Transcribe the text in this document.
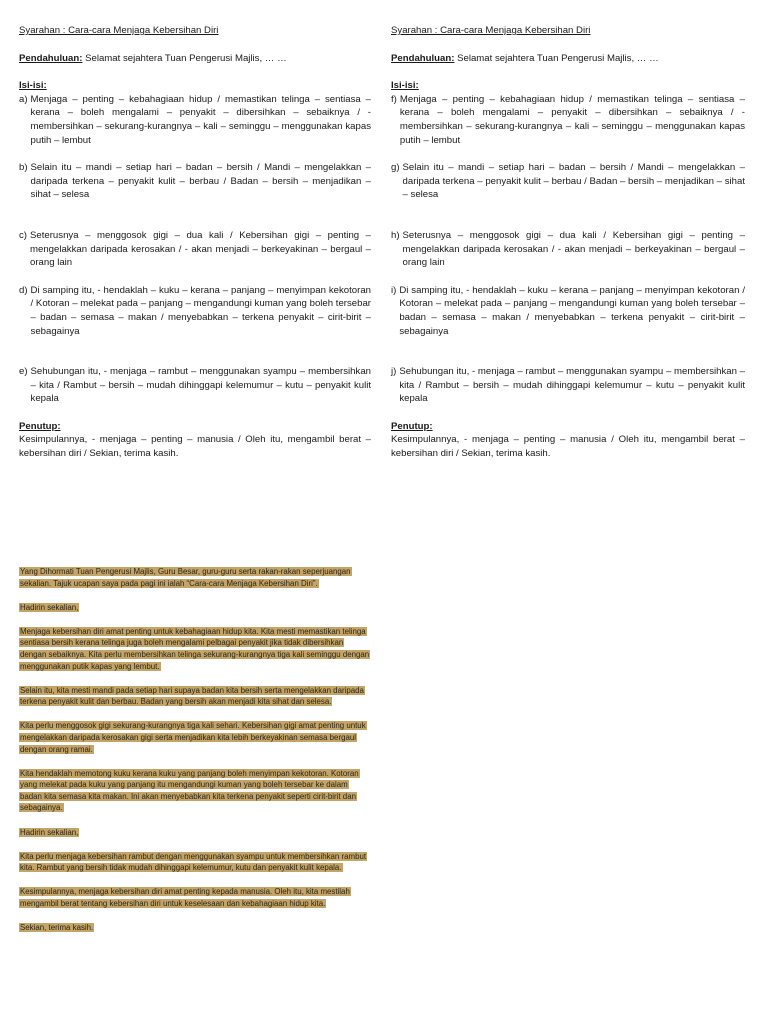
Syarahan : Cara-cara Menjaga Kebersihan Diri
Pendahuluan: Selamat sejahtera Tuan Pengerusi Majlis, … …
Isi-isi:
a) Menjaga – penting – kebahagiaan hidup / memastikan telinga – sentiasa – kerana – boleh mengalami – penyakit – dibersihkan – sebaiknya / - membersihkan – sekurang-kurangnya – kali – seminggu – menggunakan kapas putih – lembut
b) Selain itu – mandi – setiap hari – badan – bersih / Mandi – mengelakkan – daripada terkena – penyakit kulit – berbau / Badan – bersih – menjadikan – sihat – selesa
c) Seterusnya – menggosok gigi – dua kali / Kebersihan gigi – penting – mengelakkan daripada kerosakan / - akan menjadi – berkeyakinan – bergaul – orang lain
d) Di samping itu, - hendaklah – kuku – kerana – panjang – menyimpan kekotoran / Kotoran – melekat pada – panjang – mengandungi kuman yang boleh tersebar – badan – semasa – makan / menyebabkan – terkena penyakit – cirit-birit – sebagainya
e) Sehubungan itu, - menjaga – rambut – menggunakan syampu – membersihkan – kita / Rambut – bersih – mudah dihinggapi kelemumur – kutu – penyakit kulit kepala
Penutup:
Kesimpulannya, - menjaga – penting – manusia / Oleh itu, mengambil berat – kebersihan diri / Sekian, terima kasih.
Syarahan : Cara-cara Menjaga Kebersihan Diri
Pendahuluan: Selamat sejahtera Tuan Pengerusi Majlis, … …
Isi-isi:
f) Menjaga – penting – kebahagiaan hidup / memastikan telinga – sentiasa – kerana – boleh mengalami – penyakit – dibersihkan – sebaiknya / - membersihkan – sekurang-kurangnya – kali – seminggu – menggunakan kapas putih – lembut
g) Selain itu – mandi – setiap hari – badan – bersih / Mandi – mengelakkan – daripada terkena – penyakit kulit – berbau / Badan – bersih – menjadikan – sihat – selesa
h) Seterusnya – menggosok gigi – dua kali / Kebersihan gigi – penting – mengelakkan daripada kerosakan / - akan menjadi – berkeyakinan – bergaul – orang lain
i) Di samping itu, - hendaklah – kuku – kerana – panjang – menyimpan kekotoran / Kotoran – melekat pada – panjang – mengandungi kuman yang boleh tersebar – badan – semasa – makan / menyebabkan – terkena penyakit – cirit-birit – sebagainya
j) Sehubungan itu, - menjaga – rambut – menggunakan syampu – membersihkan – kita / Rambut – bersih – mudah dihinggapi kelemumur – kutu – penyakit kulit kepala
Penutup:
Kesimpulannya, - menjaga – penting – manusia / Oleh itu, mengambil berat – kebersihan diri / Sekian, terima kasih.

Yang Dihormati Tuan Pengerusi Majlis, Guru Besar, guru-guru serta rakan-rakan seperjuangan sekalian. Tajuk ucapan saya pada pagi ini ialah “Cara-cara Menjaga Kebersihan Diri”.

Hadirin sekalian,

Menjaga kebersihan diri amat penting untuk kebahagiaan hidup kita. Kita mesti memastikan telinga sentiasa bersih kerana telinga juga boleh mengalami pelbagai penyakit jika tidak dibersihkan dengan sebaiknya. Kita perlu membersihkan telinga sekurang-kurangnya tiga kali seminggu dengan menggunakan putik kapas yang lembut.

Selain itu, kita mesti mandi pada setiap hari supaya badan kita bersih serta mengelakkan daripada terkena penyakit kulit dan berbau. Badan yang bersih akan menjadi kita sihat dan selesa.

Kita perlu menggosok gigi sekurang-kurangnya tiga kali sehari. Kebersihan gigi amat penting untuk mengelakkan daripada kerosakan gigi serta menjadikan kita lebih berkeyakinan semasa bergaul dengan orang ramai.

Kita hendaklah memotong kuku kerana kuku yang panjang boleh menyimpan kekotoran. Kotoran yang melekat pada kuku yang panjang itu mengandungi kuman yang boleh tersebar ke dalam badan kita semasa kita makan. Ini akan menyebabkan kita terkena penyakit seperti cirit-birit dan sebagainya.

Hadirin sekalian,

Kita perlu menjaga kebersihan rambut dengan menggunakan syampu untuk membersihkan rambut kita. Rambut yang bersih tidak mudah dihinggapi kelemumur, kutu dan penyakit kulit kepala.

Kesimpulannya, menjaga kebersihan diri amat penting kepada manusia. Oleh itu, kita mestilah mengambil berat tentang kebersihan diri untuk keselesaan dan kebahagiaan hidup kita.

Sekian, terima kasih.
